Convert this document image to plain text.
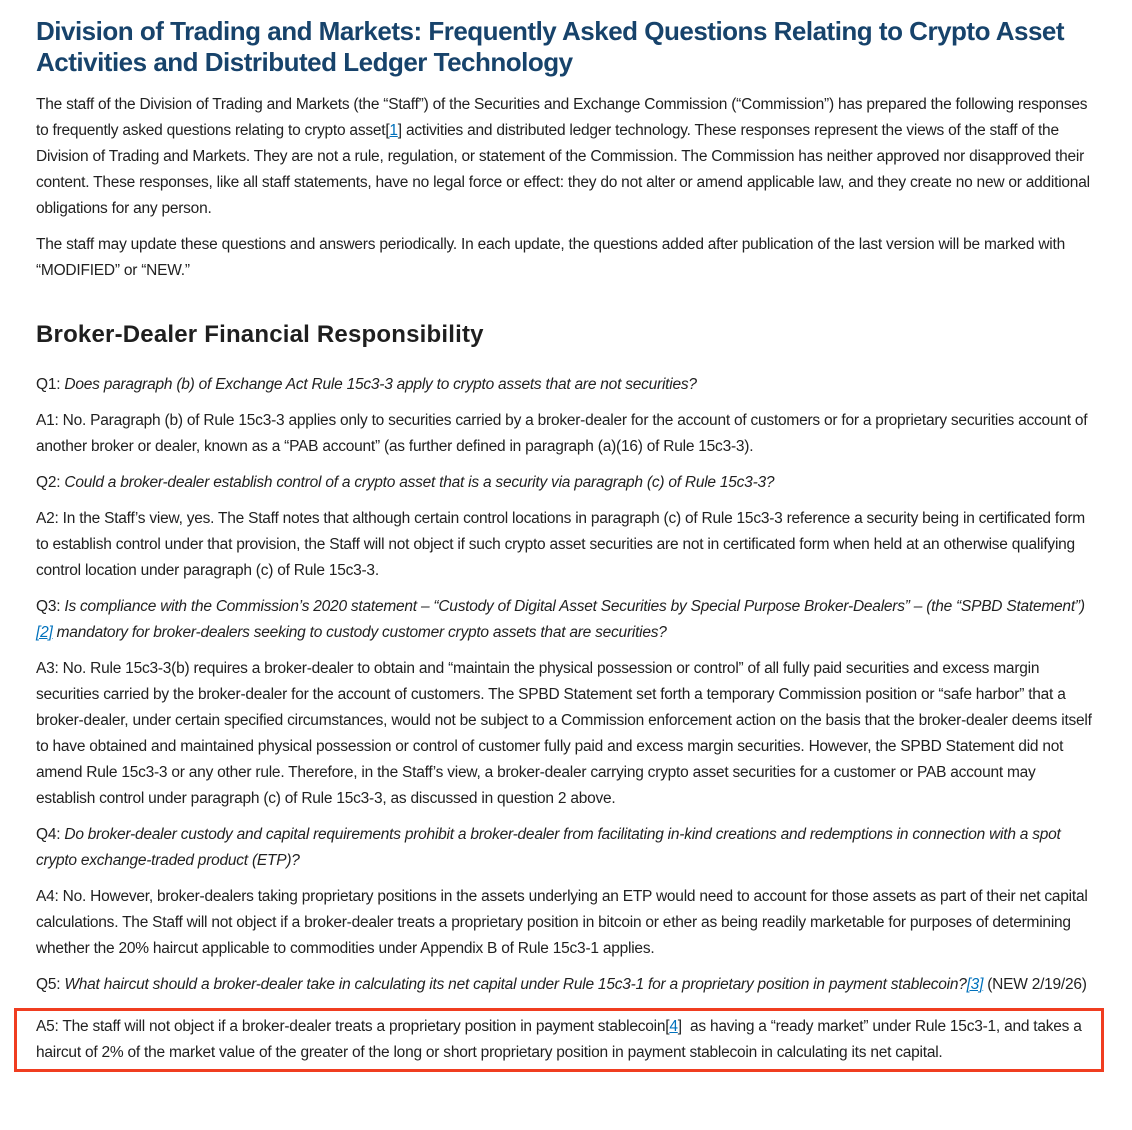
Division of Trading and Markets: Frequently Asked Questions Relating to Crypto Asset Activities and Distributed Ledger Technology

The staff of the Division of Trading and Markets (the “Staff”) of the Securities and Exchange Commission (“Commission”) has prepared the following responses to frequently asked questions relating to crypto asset[1] activities and distributed ledger technology. These responses represent the views of the staff of the Division of Trading and Markets. They are not a rule, regulation, or statement of the Commission. The Commission has neither approved nor disapproved their content. These responses, like all staff statements, have no legal force or effect: they do not alter or amend applicable law, and they create no new or additional obligations for any person.

The staff may update these questions and answers periodically. In each update, the questions added after publication of the last version will be marked with “MODIFIED” or “NEW.”

Broker-Dealer Financial Responsibility

Q1: Does paragraph (b) of Exchange Act Rule 15c3-3 apply to crypto assets that are not securities?

A1: No. Paragraph (b) of Rule 15c3-3 applies only to securities carried by a broker-dealer for the account of customers or for a proprietary securities account of another broker or dealer, known as a “PAB account” (as further defined in paragraph (a)(16) of Rule 15c3-3).

Q2: Could a broker-dealer establish control of a crypto asset that is a security via paragraph (c) of Rule 15c3-3?

A2: In the Staff’s view, yes. The Staff notes that although certain control locations in paragraph (c) of Rule 15c3-3 reference a security being in certificated form to establish control under that provision, the Staff will not object if such crypto asset securities are not in certificated form when held at an otherwise qualifying control location under paragraph (c) of Rule 15c3-3.

Q3: Is compliance with the Commission’s 2020 statement – “Custody of Digital Asset Securities by Special Purpose Broker-Dealers” – (the “SPBD Statement”)[2] mandatory for broker-dealers seeking to custody customer crypto assets that are securities?

A3: No. Rule 15c3-3(b) requires a broker-dealer to obtain and “maintain the physical possession or control” of all fully paid securities and excess margin securities carried by the broker-dealer for the account of customers. The SPBD Statement set forth a temporary Commission position or “safe harbor” that a broker-dealer, under certain specified circumstances, would not be subject to a Commission enforcement action on the basis that the broker-dealer deems itself to have obtained and maintained physical possession or control of customer fully paid and excess margin securities. However, the SPBD Statement did not amend Rule 15c3-3 or any other rule. Therefore, in the Staff’s view, a broker-dealer carrying crypto asset securities for a customer or PAB account may establish control under paragraph (c) of Rule 15c3-3, as discussed in question 2 above.

Q4: Do broker-dealer custody and capital requirements prohibit a broker-dealer from facilitating in-kind creations and redemptions in connection with a spot crypto exchange-traded product (ETP)?

A4: No. However, broker-dealers taking proprietary positions in the assets underlying an ETP would need to account for those assets as part of their net capital calculations. The Staff will not object if a broker-dealer treats a proprietary position in bitcoin or ether as being readily marketable for purposes of determining whether the 20% haircut applicable to commodities under Appendix B of Rule 15c3-1 applies.

Q5: What haircut should a broker-dealer take in calculating its net capital under Rule 15c3-1 for a proprietary position in payment stablecoin?[3] (NEW 2/19/26)

A5: The staff will not object if a broker-dealer treats a proprietary position in payment stablecoin[4]  as having a “ready market” under Rule 15c3-1, and takes a haircut of 2% of the market value of the greater of the long or short proprietary position in payment stablecoin in calculating its net capital.
